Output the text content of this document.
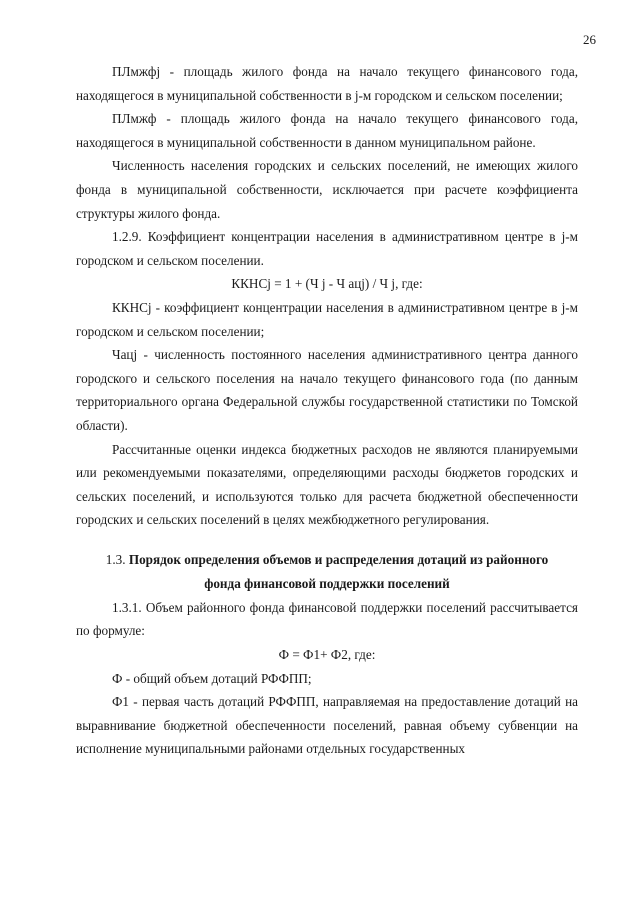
26

ПЛмжфj - площадь жилого фонда на начало текущего финансового года, находящегося в муниципальной собственности в j-м городском и сельском поселении;

ПЛмжф - площадь жилого фонда на начало текущего финансового года, находящегося в муниципальной собственности в данном муниципальном районе.

Численность населения городских и сельских поселений, не имеющих жилого фонда в муниципальной собственности, исключается при расчете коэффициента структуры жилого фонда.

1.2.9. Коэффициент концентрации населения в административном центре в j-м городском и сельском поселении.

ККНСj = 1 + (Ч j - Ч ацj) / Ч j, где:

ККНСj - коэффициент концентрации населения в административном центре в j-м городском и сельском поселении;

Чацj - численность постоянного населения административного центра данного городского и сельского поселения на начало текущего финансового года (по данным территориального органа Федеральной службы государственной статистики по Томской области).

Рассчитанные оценки индекса бюджетных расходов не являются планируемыми или рекомендуемыми показателями, определяющими расходы бюджетов городских и сельских поселений, и используются только для расчета бюджетной обеспеченности городских и сельских поселений в целях межбюджетного регулирования.

1.3. Порядок определения объемов и распределения дотаций из районного
фонда финансовой поддержки поселений

1.3.1. Объем районного фонда финансовой поддержки поселений рассчитывается по формуле:

Ф = Ф1+ Ф2, где:

Ф - общий объем дотаций РФФПП;

Ф1 - первая часть дотаций РФФПП, направляемая на предоставление дотаций на выравнивание бюджетной обеспеченности поселений, равная объему субвенции на исполнение муниципальными районами отдельных государственных
